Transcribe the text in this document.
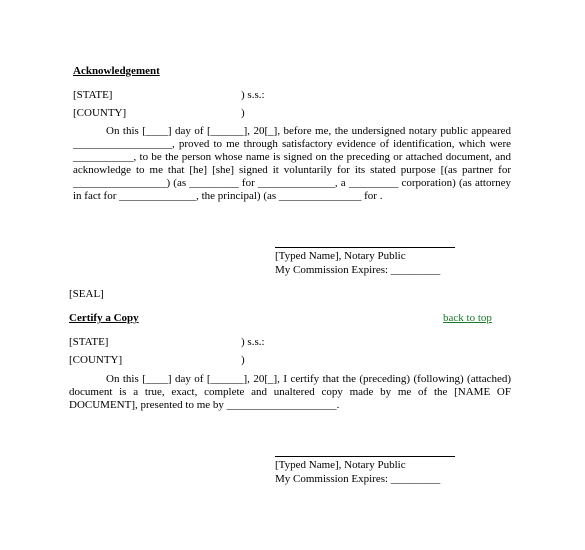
Acknowledgement
[STATE]	) s.s.:
[COUNTY]	)
On this [____] day of [______], 20[_], before me, the undersigned notary public appeared __________________, proved to me through satisfactory evidence of identification, which were ___________, to be the person whose name is signed on the preceding or attached document, and acknowledge to me that [he] [she] signed it voluntarily for its stated purpose [(as partner for _________________) (as _________ for ______________, a _________ corporation) (as attorney in fact for ______________, the principal) (as _______________ for .
[Typed Name], Notary Public
My Commission Expires: _________
[SEAL]
Certify a Copy	back to top
[STATE]	) s.s.:
[COUNTY]	)
On this [____] day of [______], 20[_], I certify that the (preceding) (following) (attached) document is a true, exact, complete and unaltered copy made by me of the [NAME OF DOCUMENT], presented to me by ____________________.
[Typed Name], Notary Public
My Commission Expires: _________
